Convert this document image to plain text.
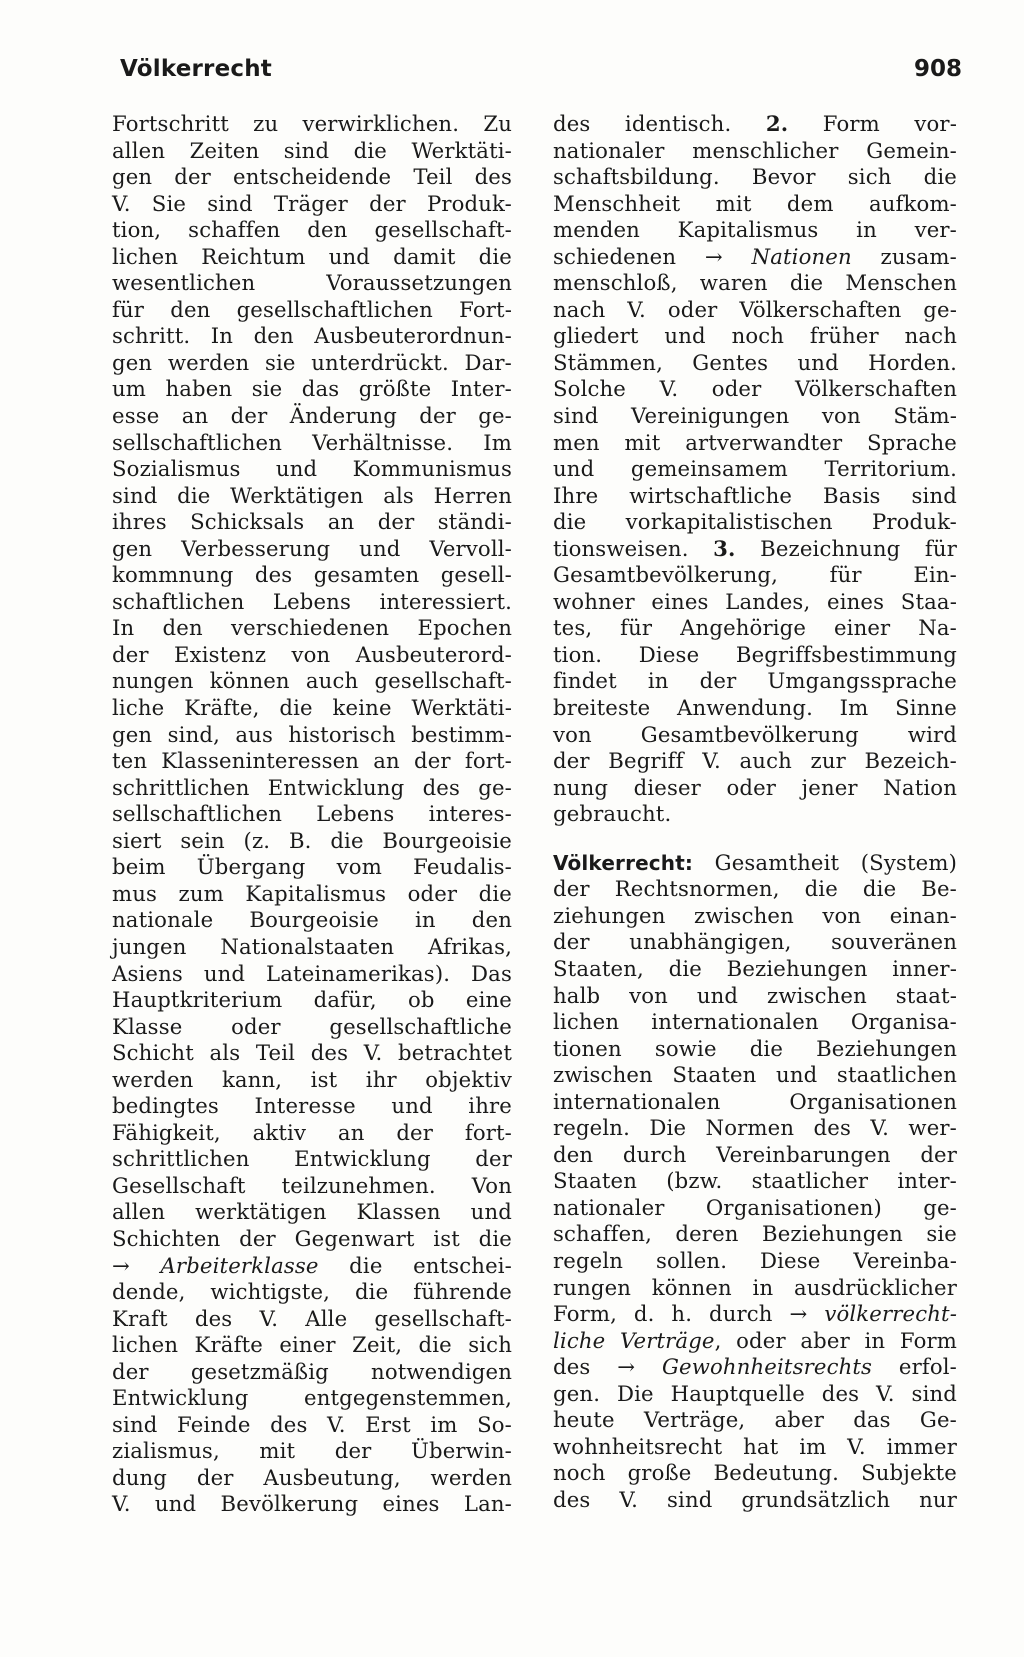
Völkerrecht	908
Fortschritt zu verwirklichen. Zu
allen Zeiten sind die Werktäti-
gen der entscheidende Teil des
V. Sie sind Träger der Produk-
tion, schaffen den gesellschaft-
lichen Reichtum und damit die
wesentlichen Voraussetzungen
für den gesellschaftlichen Fort-
schritt. In den Ausbeuterordnun-
gen werden sie unterdrückt. Dar-
um haben sie das größte Inter-
esse an der Änderung der ge-
sellschaftlichen Verhältnisse. Im
Sozialismus und Kommunismus
sind die Werktätigen als Herren
ihres Schicksals an der ständi-
gen Verbesserung und Vervoll-
kommnung des gesamten gesell-
schaftlichen Lebens interessiert.
In den verschiedenen Epochen
der Existenz von Ausbeuterord-
nungen können auch gesellschaft-
liche Kräfte, die keine Werktäti-
gen sind, aus historisch bestimm-
ten Klasseninteressen an der fort-
schrittlichen Entwicklung des ge-
sellschaftlichen Lebens interes-
siert sein (z. B. die Bourgeoisie
beim Übergang vom Feudalis-
mus zum Kapitalismus oder die
nationale Bourgeoisie in den
jungen Nationalstaaten Afrikas,
Asiens und Lateinamerikas). Das
Hauptkriterium dafür, ob eine
Klasse oder gesellschaftliche
Schicht als Teil des V. betrachtet
werden kann, ist ihr objektiv
bedingtes Interesse und ihre
Fähigkeit, aktiv an der fort-
schrittlichen Entwicklung der
Gesellschaft teilzunehmen. Von
allen werktätigen Klassen und
Schichten der Gegenwart ist die
→ Arbeiterklasse die entschei-
dende, wichtigste, die führende
Kraft des V. Alle gesellschaft-
lichen Kräfte einer Zeit, die sich
der gesetzmäßig notwendigen
Entwicklung entgegenstemmen,
sind Feinde des V. Erst im So-
zialismus, mit der Überwin-
dung der Ausbeutung, werden
V. und Bevölkerung eines Lan-
des identisch. 2. Form vor-
nationaler menschlicher Gemein-
schaftsbildung. Bevor sich die
Menschheit mit dem aufkom-
menden Kapitalismus in ver-
schiedenen → Nationen zusam-
menschloß, waren die Menschen
nach V. oder Völkerschaften ge-
gliedert und noch früher nach
Stämmen, Gentes und Horden.
Solche V. oder Völkerschaften
sind Vereinigungen von Stäm-
men mit artverwandter Sprache
und gemeinsamem Territorium.
Ihre wirtschaftliche Basis sind
die vorkapitalistischen Produk-
tionsweisen. 3. Bezeichnung für
Gesamtbevölkerung, für Ein-
wohner eines Landes, eines Staa-
tes, für Angehörige einer Na-
tion. Diese Begriffsbestimmung
findet in der Umgangssprache
breiteste Anwendung. Im Sinne
von Gesamtbevölkerung wird
der Begriff V. auch zur Bezeich-
nung dieser oder jener Nation
gebraucht.
Völkerrecht: Gesamtheit (System)
der Rechtsnormen, die die Be-
ziehungen zwischen von einan-
der unabhängigen, souveränen
Staaten, die Beziehungen inner-
halb von und zwischen staat-
lichen internationalen Organisa-
tionen sowie die Beziehungen
zwischen Staaten und staatlichen
internationalen Organisationen
regeln. Die Normen des V. wer-
den durch Vereinbarungen der
Staaten (bzw. staatlicher inter-
nationaler Organisationen) ge-
schaffen, deren Beziehungen sie
regeln sollen. Diese Vereinba-
rungen können in ausdrücklicher
Form, d. h. durch → völkerrecht-
liche Verträge, oder aber in Form
des → Gewohnheitsrechts erfol-
gen. Die Hauptquelle des V. sind
heute Verträge, aber das Ge-
wohnheitsrecht hat im V. immer
noch große Bedeutung. Subjekte
des V. sind grundsätzlich nur
